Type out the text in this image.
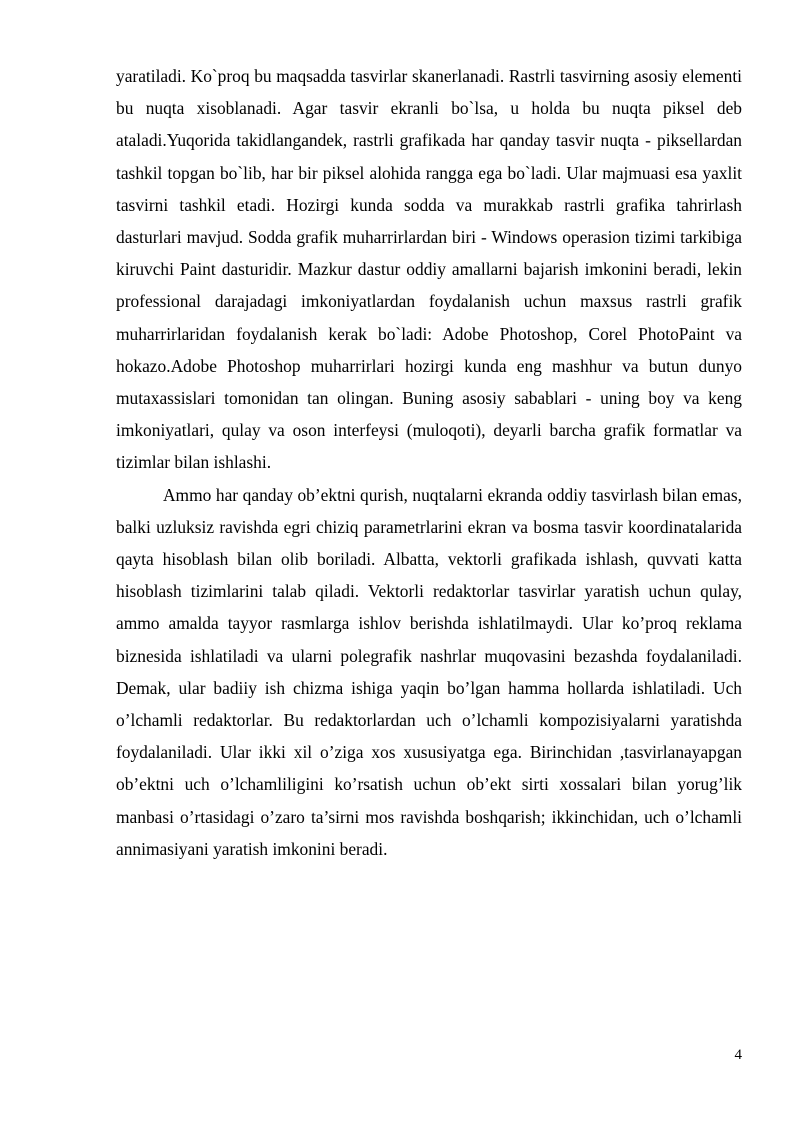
yaratiladi. Ko`proq bu maqsadda tasvirlar skanerlanadi. Rastrli tasvirning asosiy elementi bu nuqta xisoblanadi. Agar tasvir ekranli bo`lsa, u holda bu nuqta piksel deb ataladi.Yuqorida takidlangandek, rastrli grafikada har qanday tasvir nuqta - piksellardan tashkil topgan bo`lib, har bir piksel alohida rangga ega bo`ladi. Ular majmuasi esa yaxlit tasvirni tashkil etadi. Hozirgi kunda sodda va murakkab rastrli grafika tahrirlash dasturlari mavjud. Sodda grafik muharrirlardan biri - Windows operasion tizimi tarkibiga kiruvchi Paint dasturidir. Mazkur dastur oddiy amallarni bajarish imkonini beradi, lekin professional darajadagi imkoniyatlardan foydalanish uchun maxsus rastrli grafik muharrirlaridan foydalanish kerak bo`ladi: Adobe Photoshop, Corel PhotoPaint va hokazo.Adobe Photoshop muharrirlari hozirgi kunda eng mashhur va butun dunyo mutaxassislari tomonidan tan olingan. Buning asosiy sabablari - uning boy va keng imkoniyatlari, qulay va oson interfeysi (muloqoti), deyarli barcha grafik formatlar va tizimlar bilan ishlashi.

Ammo har qanday ob’ektni qurish, nuqtalarni ekranda oddiy tasvirlash bilan emas, balki uzluksiz ravishda egri chiziq parametrlarini ekran va bosma tasvir koordinatalarida qayta hisoblash bilan olib boriladi. Albatta, vektorli grafikada ishlash, quvvati katta hisoblash tizimlarini talab qiladi. Vektorli redaktorlar tasvirlar yaratish uchun qulay, ammo amalda tayyor rasmlarga ishlov berishda ishlatilmaydi. Ular ko’proq reklama biznesida ishlatiladi va ularni polegrafik nashrlar muqovasini bezashda foydalaniladi. Demak, ular badiiy ish chizma ishiga yaqin bo’lgan hamma hollarda ishlatiladi. Uch o’lchamli redaktorlar. Bu redaktorlardan uch o’lchamli kompozisiyalarni yaratishda foydalaniladi. Ular ikki xil o’ziga xos xususiyatga ega. Birinchidan ,tasvirlanayapgan ob’ektni uch o’lchamliligini ko’rsatish uchun ob’ekt sirti xossalari bilan yorug’lik manbasi o’rtasidagi o’zaro ta’sirni mos ravishda boshqarish; ikkinchidan, uch o’lchamli annimasiyani yaratish imkonini beradi.

4
